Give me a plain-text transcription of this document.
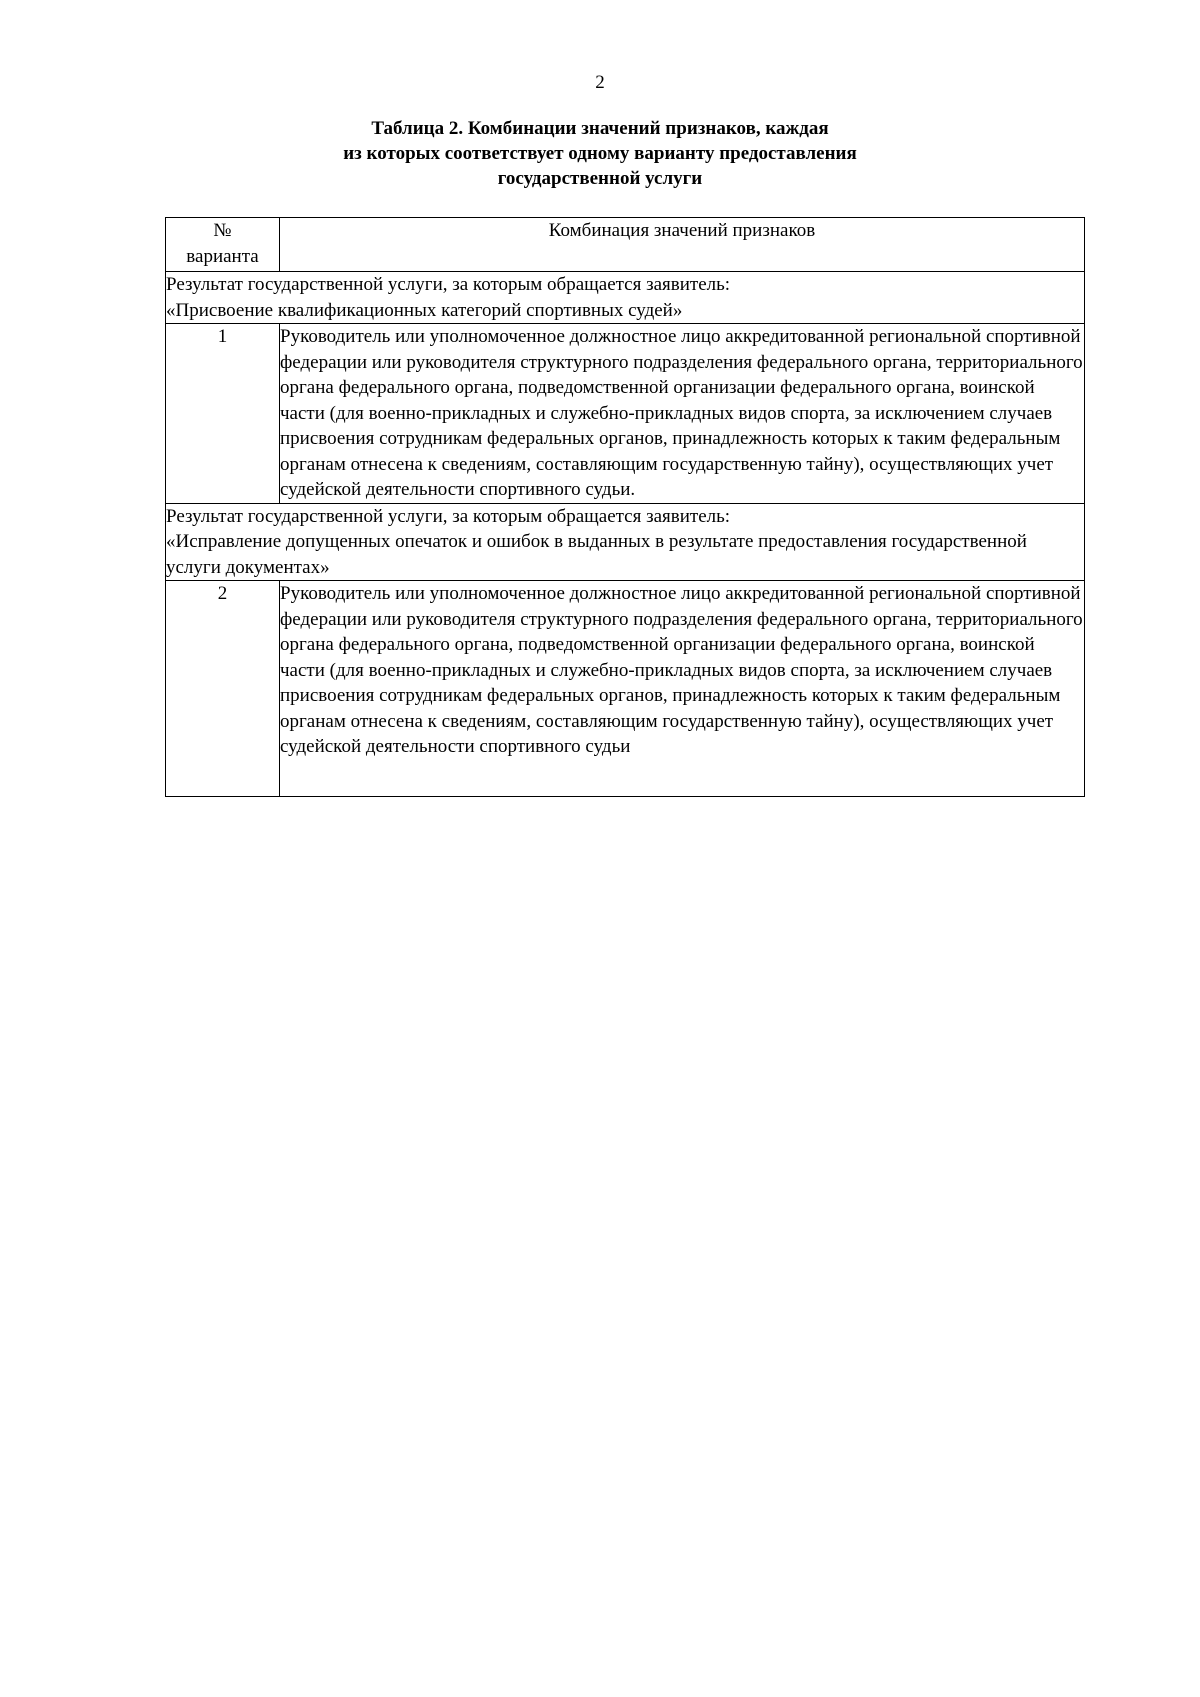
2
Таблица 2. Комбинации значений признаков, каждая
из которых соответствует одному варианту предоставления
государственной услуги
№
варианта	Комбинация значений признаков

Результат государственной услуги, за которым обращается заявитель:
«Присвоение квалификационных категорий спортивных судей»	

1	Руководитель или уполномоченное должностное лицо аккредитованной региональной спортивной федерации или руководителя структурного подразделения федерального органа, территориального органа федерального органа, подведомственной организации федерального органа, воинской части (для военно-прикладных и служебно-прикладных видов спорта, за исключением случаев присвоения сотрудникам федеральных органов, принадлежность которых к таким федеральным органам отнесена к сведениям, составляющим государственную тайну), осуществляющих учет судейской деятельности спортивного судьи.

Результат государственной услуги, за которым обращается заявитель:
«Исправление допущенных опечаток и ошибок в выданных в результате предоставления государственной услуги документах»	

2	Руководитель или уполномоченное должностное лицо аккредитованной региональной спортивной федерации или руководителя структурного подразделения федерального органа, территориального органа федерального органа, подведомственной организации федерального органа, воинской части (для военно-прикладных и служебно-прикладных видов спорта, за исключением случаев присвоения сотрудникам федеральных органов, принадлежность которых к таким федеральным органам отнесена к сведениям, составляющим государственную тайну), осуществляющих учет судейской деятельности спортивного судьи
